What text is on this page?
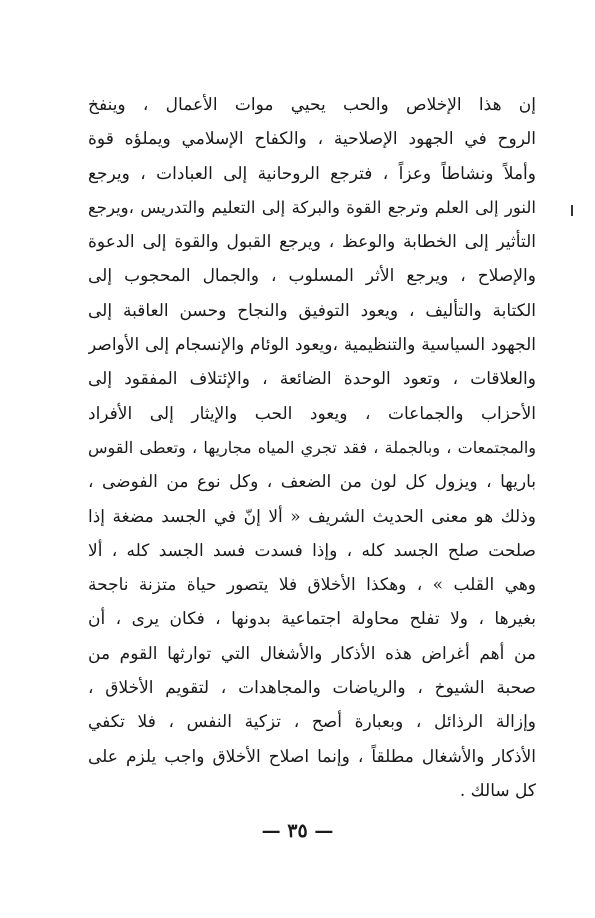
إن هذا الإخلاص والحب يحيي موات الأعمال ، وينفخ
الروح في الجهود الإصلاحية ، والكفاح الإسلامي ويملؤه قوة
وأملاً ونشاطاً وعزاً ، فترجع الروحانية إلى العبادات ، ويرجع
النور إلى العلم وترجع القوة والبركة إلى التعليم والتدريس ،ويرجع
التأثير إلى الخطابة والوعظ ، ويرجع القبول والقوة إلى الدعوة
والإصلاح ، ويرجع الأثر المسلوب ، والجمال المحجوب إلى
الكتابة والتأليف ، ويعود التوفيق والنجاح وحسن العاقبة إلى
الجهود السياسية والتنظيمية ،ويعود الوئام والإنسجام إلى الأواصر
والعلاقات ، وتعود الوحدة الضائعة ، والإئتلاف المفقود إلى
الأحزاب والجماعات ، ويعود الحب والإيثار إلى الأفراد
والمجتمعات ، وبالجملة ، فقد تجري المياه مجاريها ، وتعطى القوس
باريها ، ويزول كل لون من الضعف ، وكل نوع من الفوضى ،
وذلك هو معنى الحديث الشريف « ألا إنّ في الجسد مضغة إذا
صلحت صلح الجسد كله ، وإذا فسدت فسد الجسد كله ، ألا
وهي القلب » ، وهكذا الأخلاق فلا يتصور حياة متزنة ناجحة
بغيرها ، ولا تفلح محاولة اجتماعية بدونها ، فكان يرى ، أن
من أهم أغراض هذه الأذكار والأشغال التي توارثها القوم من
صحبة الشيوخ ، والرياضات والمجاهدات ، لتقويم الأخلاق ،
وإزالة الرذائل ، وبعبارة أصح ، تزكية النفس ، فلا تكفي
الأذكار والأشغال مطلقاً ، وإنما اصلاح الأخلاق واجب يلزم على
كل سالك .
— ٣٥ —
